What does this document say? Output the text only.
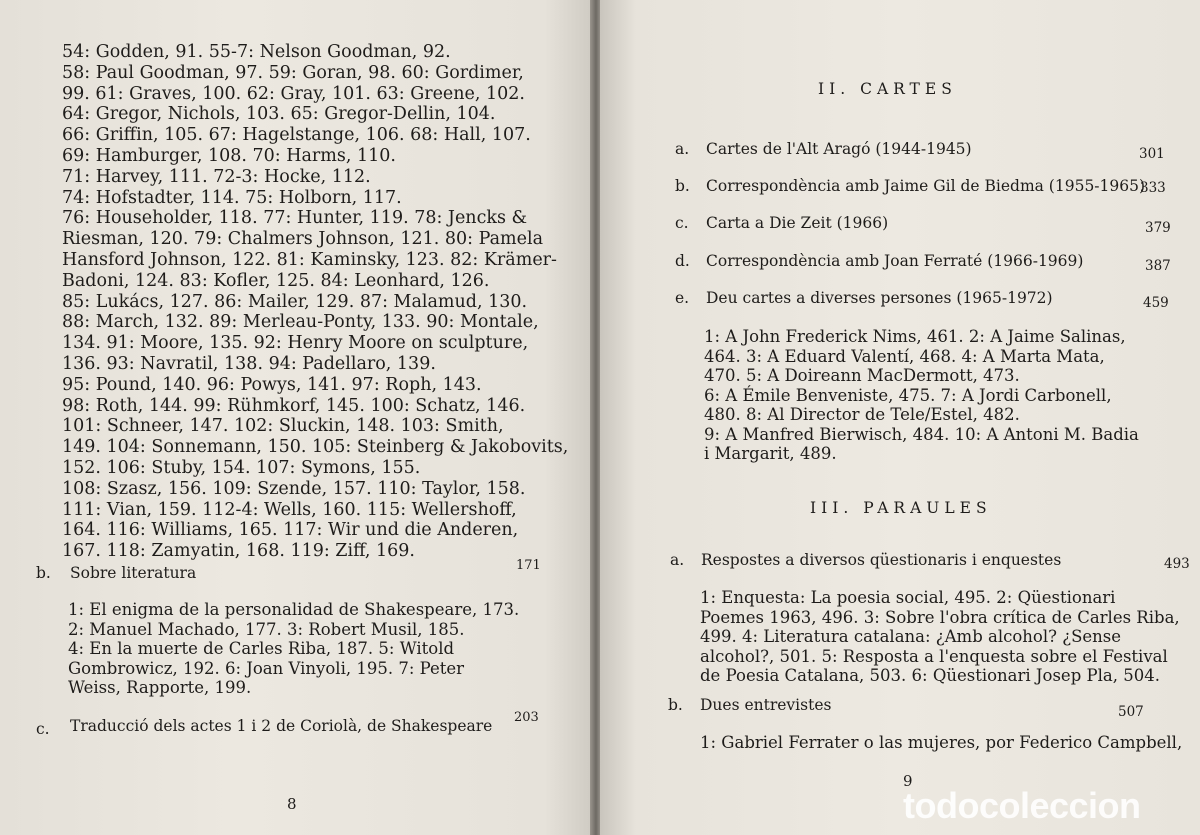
54: Godden, 91. 55-7: Nelson Goodman, 92.
58: Paul Goodman, 97. 59: Goran, 98. 60: Gordimer,
99. 61: Graves, 100. 62: Gray, 101. 63: Greene, 102.
64: Gregor, Nichols, 103. 65: Gregor-Dellin, 104.
66: Griffin, 105. 67: Hagelstange, 106. 68: Hall, 107.
69: Hamburger, 108. 70: Harms, 110.
71: Harvey, 111. 72-3: Hocke, 112.
74: Hofstadter, 114. 75: Holborn, 117.
76: Householder, 118. 77: Hunter, 119. 78: Jencks &
Riesman, 120. 79: Chalmers Johnson, 121. 80: Pamela
Hansford Johnson, 122. 81: Kaminsky, 123. 82: Krämer-
Badoni, 124. 83: Kofler, 125. 84: Leonhard, 126.
85: Lukács, 127. 86: Mailer, 129. 87: Malamud, 130.
88: March, 132. 89: Merleau-Ponty, 133. 90: Montale,
134. 91: Moore, 135. 92: Henry Moore on sculpture,
136. 93: Navratil, 138. 94: Padellaro, 139.
95: Pound, 140. 96: Powys, 141. 97: Roph, 143.
98: Roth, 144. 99: Rühmkorf, 145. 100: Schatz, 146.
101: Schneer, 147. 102: Sluckin, 148. 103: Smith,
149. 104: Sonnemann, 150. 105: Steinberg & Jakobovits,
152. 106: Stuby, 154. 107: Symons, 155.
108: Szasz, 156. 109: Szende, 157. 110: Taylor, 158.
111: Vian, 159. 112-4: Wells, 160. 115: Wellershoff,
164. 116: Williams, 165. 117: Wir und die Anderen,
167. 118: Zamyatin, 168. 119: Ziff, 169.
b. Sobre literatura	171
1: El enigma de la personalidad de Shakespeare, 173.
2: Manuel Machado, 177. 3: Robert Musil, 185.
4: En la muerte de Carles Riba, 187. 5: Witold
Gombrowicz, 192. 6: Joan Vinyoli, 195. 7: Peter
Weiss, Rapporte, 199.
c. Traducció dels actes 1 i 2 de Coriolà, de Shakespeare 203
8
II. CARTES
a. Cartes de l'Alt Aragó (1944-1945)	301
b. Correspondència amb Jaime Gil de Biedma (1955-1965)
333
c. Carta a Die Zeit (1966)	379
d. Correspondència amb Joan Ferraté (1966-1969)	387
e. Deu cartes a diverses persones (1965-1972)	459
1: A John Frederick Nims, 461. 2: A Jaime Salinas,
464. 3: A Eduard Valentí, 468. 4: A Marta Mata,
470. 5: A Doireann MacDermott, 473.
6: A Émile Benveniste, 475. 7: A Jordi Carbonell,
480. 8: Al Director de Tele/Estel, 482.
9: A Manfred Bierwisch, 484. 10: A Antoni M. Badia
i Margarit, 489.
III. PARAULES
a. Respostes a diversos qüestionaris i enquestes	493
1: Enquesta: La poesia social, 495. 2: Qüestionari
Poemes 1963, 496. 3: Sobre l'obra crítica de Carles Riba,
499. 4: Literatura catalana: ¿Amb alcohol? ¿Sense
alcohol?, 501. 5: Resposta a l'enquesta sobre el Festival
de Poesia Catalana, 503. 6: Qüestionari Josep Pla, 504.
b. Dues entrevistes	507
1: Gabriel Ferrater o las mujeres, por Federico Campbell,
9
todocoleccion
